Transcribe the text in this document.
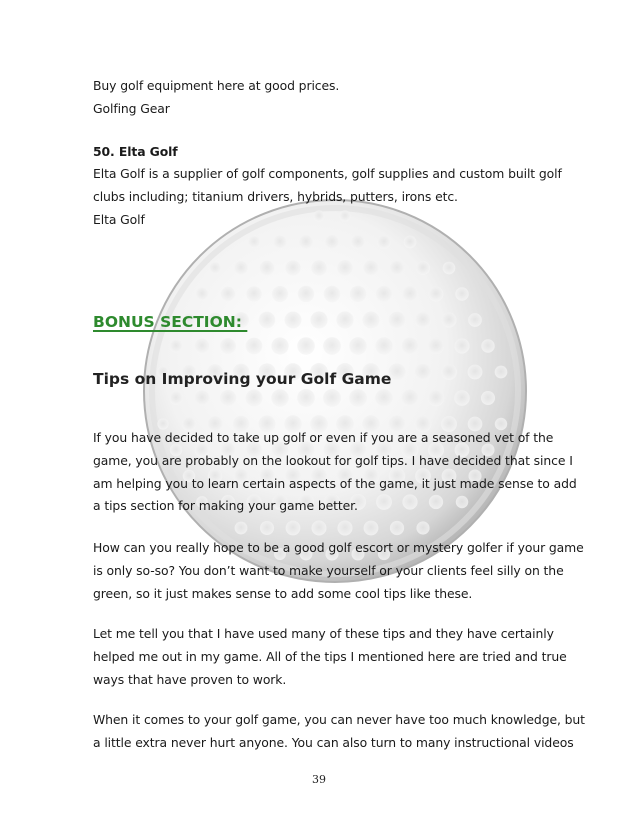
Buy golf equipment here at good prices.
Golfing Gear
50. Elta Golf
Elta Golf is a supplier of golf components, golf supplies and custom built golf
clubs including; titanium drivers, hybrids, putters, irons etc.
Elta Golf
BONUS SECTION:
Tips on Improving your Golf Game
If you have decided to take up golf or even if you are a seasoned vet of the
game, you are probably on the lookout for golf tips. I have decided that since I
am helping you to learn certain aspects of the game, it just made sense to add
a tips section for making your game better.
How can you really hope to be a good golf escort or mystery golfer if your game
is only so-so? You don’t want to make yourself or your clients feel silly on the
green, so it just makes sense to add some cool tips like these.
Let me tell you that I have used many of these tips and they have certainly
helped me out in my game. All of the tips I mentioned here are tried and true
ways that have proven to work.
When it comes to your golf game, you can never have too much knowledge, but
a little extra never hurt anyone. You can also turn to many instructional videos
39
